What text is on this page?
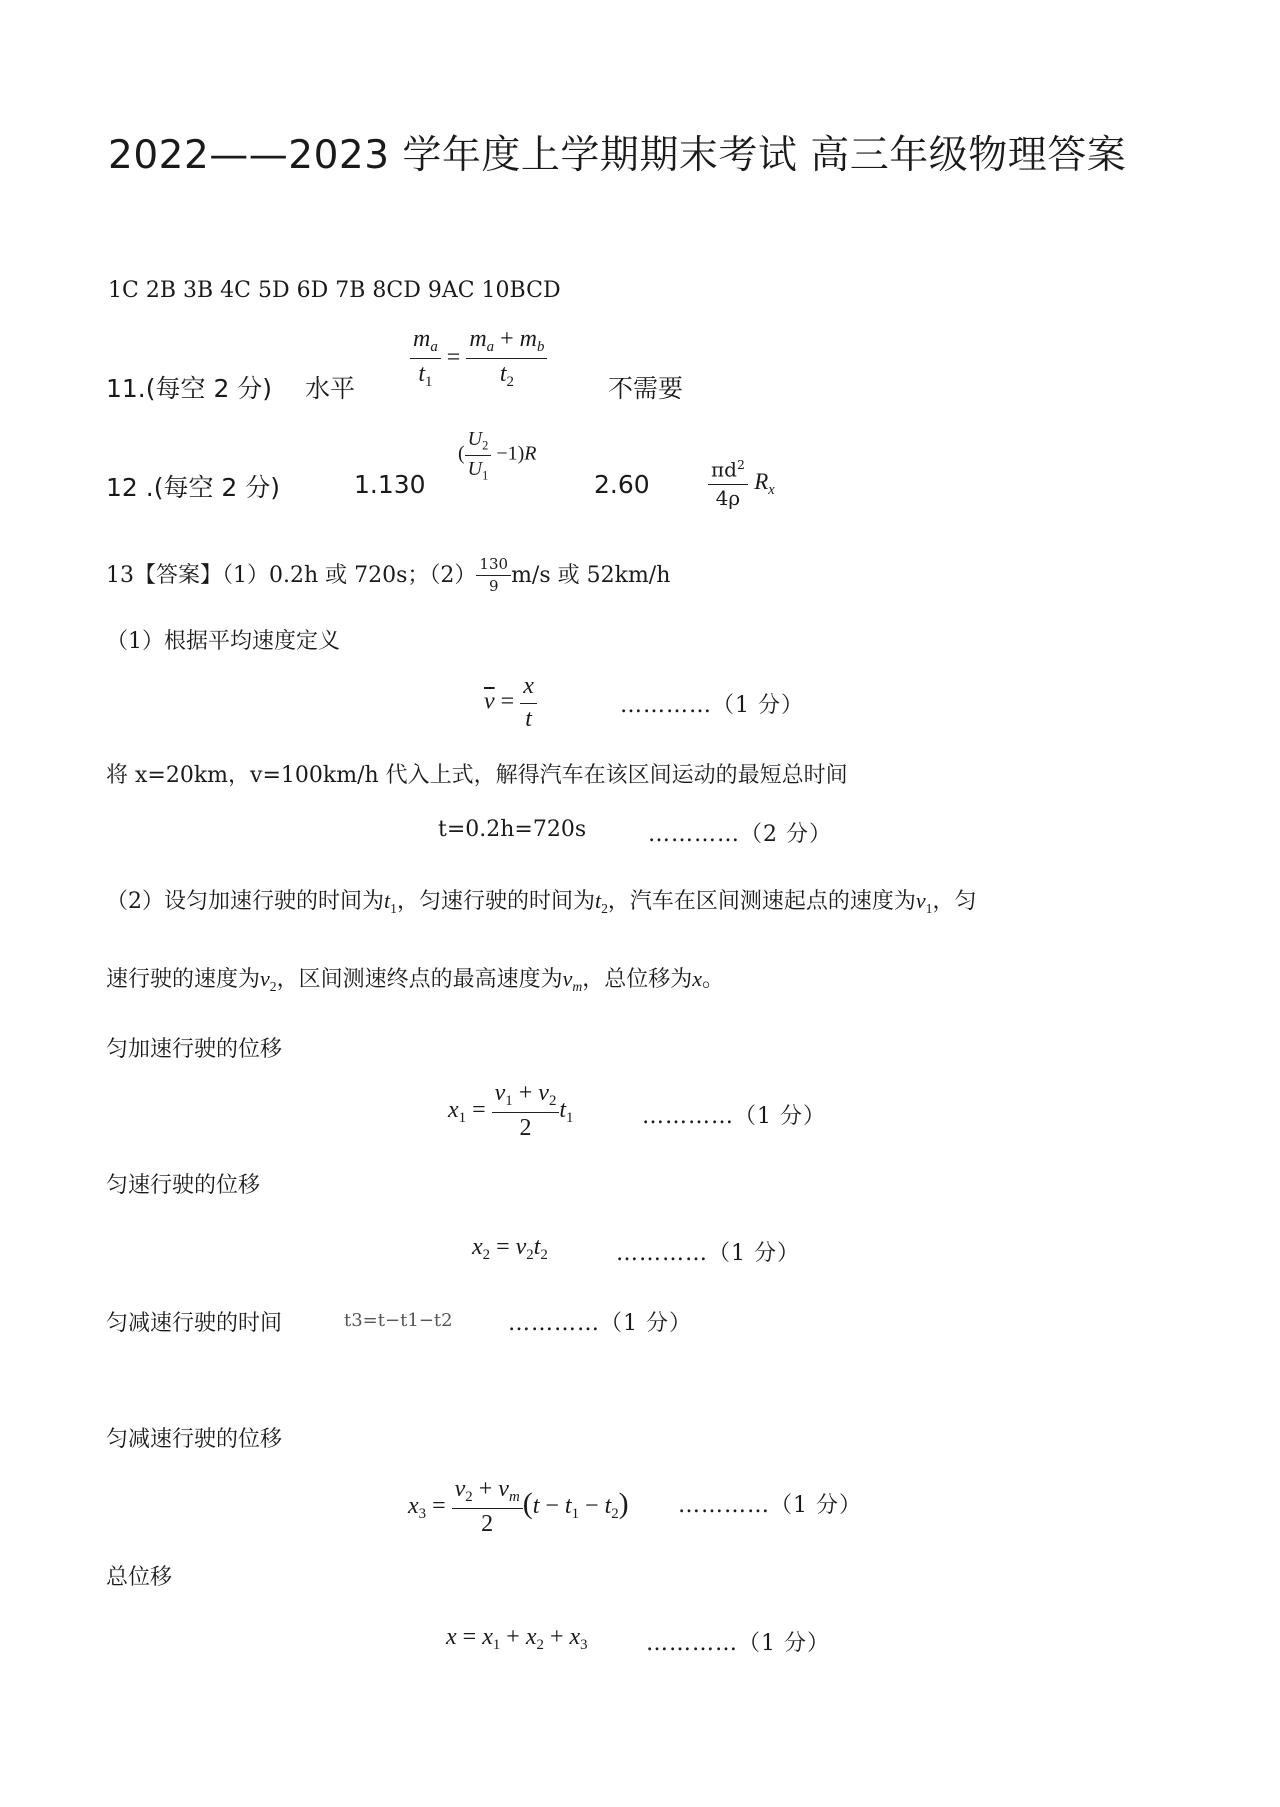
2022——2023 学年度上学期期末考试 高三年级物理答案
1C 2B 3B 4C 5D 6D 7B 8CD 9AC 10BCD
11.(每空 2 分) 水平 $\frac{m_a}{t_1} = \frac{m_a + m_b}{t_2}$ 不需要
12 .(每空 2 分)	1.130
( $\frac{U_2}{U_1} -1)R$
2.60	$\frac{\pi d^2}{4\rho} R_x$
13【答案】（1）0.2h 或 720s；$(2) \frac{130}{9} m/s$ 或 52km/h
（1）根据平均速度定义
$\overline{v} = \frac{x}{t}$	…………（1 分）
将 x=20km，v=100km/h 代入上式，解得汽车在该区间运动的最短总时间
t=0.2h=720s	…………（2 分）
（2）设匀加速行驶的时间为$t_1$，匀速行驶的时间为$t_2$，汽车在区间测速起点的速度为$v_1$，匀
速行驶的速度为$v_2$，区间测速终点的最高速度为$v_m$，总位移为x。
匀加速行驶的位移
$x_1 = \frac{v_1 + v_2}{2} t_1$	…………（1 分）
匀速行驶的位移
$x_2 = v_2t_2$	…………（1 分）
匀减速行驶的时间	t3=t−t1−t2	…………（1 分）
匀减速行驶的位移
$x_3 = \frac{v_2 + v_m}{2} (t - t_1 - t_2)$ …………（1 分）
总位移
$x = x_1 + x_2 + x_3$	…………（1 分）
